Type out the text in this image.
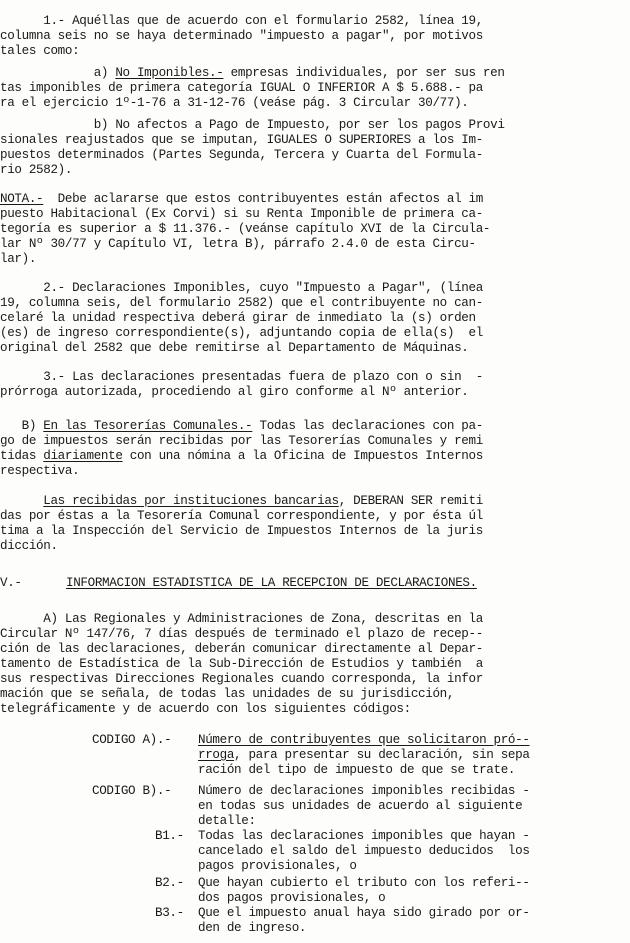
1.- Aquéllas que de acuerdo con el formulario 2582, línea 19,
columna seis no se haya determinado "impuesto a pagar", por motivos
tales como:
a) No Imponibles.- empresas individuales, por ser sus ren
tas imponibles de primera categoría IGUAL O INFERIOR A $ 5.688.- pa
ra el ejercicio 1º-1-76 a 31-12-76 (veáse pág. 3 Circular 30/77).
b) No afectos a Pago de Impuesto, por ser los pagos Provi
sionales reajustados que se imputan, IGUALES O SUPERIORES a los Im-
puestos determinados (Partes Segunda, Tercera y Cuarta del Formula-
rio 2582).
NOTA.-  Debe aclararse que estos contribuyentes están afectos al im
puesto Habitacional (Ex Corvi) si su Renta Imponible de primera ca-
tegoría es superior a $ 11.376.- (veánse capítulo XVI de la Circula-
lar Nº 30/77 y Capítulo VI, letra B), párrafo 2.4.0 de esta Circu-
lar).
2.- Declaraciones Imponibles, cuyo "Impuesto a Pagar", (línea
19, columna seis, del formulario 2582) que el contribuyente no can-
celaré la unidad respectiva deberá girar de inmediato la (s) orden
(es) de ingreso correspondiente(s), adjuntando copia de ella(s)  el
original del 2582 que debe remitirse al Departamento de Máquinas.
3.- Las declaraciones presentadas fuera de plazo con o sin  -
prórroga autorizada, procediendo al giro conforme al Nº anterior.
B) En las Tesorerías Comunales.- Todas las declaraciones con pa-
go de impuestos serán recibidas por las Tesorerías Comunales y remi
tidas diariamente con una nómina a la Oficina de Impuestos Internos
respectiva.
Las recibidas por instituciones bancarias, DEBERAN SER remiti
das por éstas a la Tesorería Comunal correspondiente, y por ésta úl
tima a la Inspección del Servicio de Impuestos Internos de la juris
dicción.
V.-	INFORMACION ESTADISTICA DE LA RECEPCION DE DECLARACIONES.
A) Las Regionales y Administraciones de Zona, descritas en la
Circular Nº 147/76, 7 días después de terminado el plazo de recep--
ción de las declaraciones, deberán comunicar directamente al Depar-
tamento de Estadística de la Sub-Dirección de Estudios y también  a
sus respectivas Direcciones Regionales cuando corresponda, la infor
mación que se señala, de todas las unidades de su jurisdicción,
telegráficamente y de acuerdo con los siguientes códigos:
CODIGO A).- Número de contribuyentes que solicitaron pró--
rroga, para presentar su declaración, sin sepa
ración del tipo de impuesto de que se trate.
CODIGO B).- Número de declaraciones imponibles recibidas -
en todas sus unidades de acuerdo al siguiente
detalle:
B1.- Todas las declaraciones imponibles que hayan -
cancelado el saldo del impuesto deducidos  los
pagos provisionales, o
B2.- Que hayan cubierto el tributo con los referi--
dos pagos provisionales, o
B3.- Que el impuesto anual haya sido girado por or-
den de ingreso.
